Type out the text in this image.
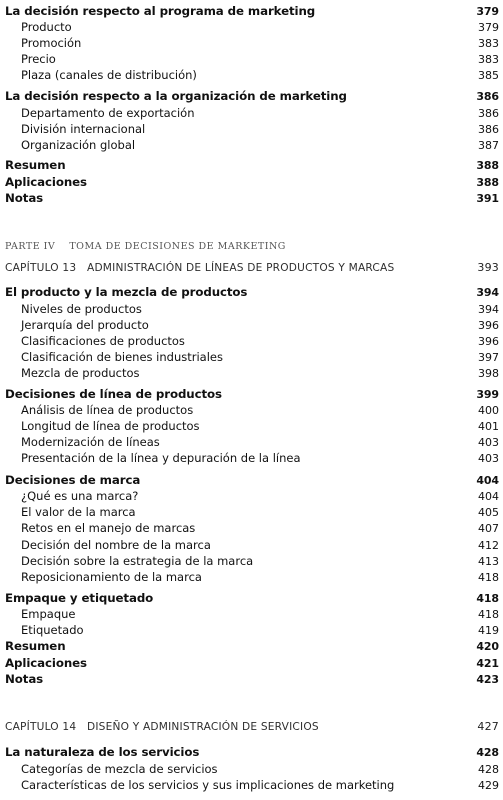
La decisión respecto al programa de marketing	379
Producto	379
Promoción	383
Precio	383
Plaza (canales de distribución)	385
La decisión respecto a la organización de marketing	386
Departamento de exportación	386
División internacional	386
Organización global	387
Resumen	388
Aplicaciones	388
Notas	391
PARTE IV    TOMA DE DECISIONES DE MARKETING
CAPÍTULO 13   ADMINISTRACIÓN DE LÍNEAS DE PRODUCTOS Y MARCAS	393
El producto y la mezcla de productos	394
Niveles de productos	394
Jerarquía del producto	396
Clasificaciones de productos	396
Clasificación de bienes industriales	397
Mezcla de productos	398
Decisiones de línea de productos	399
Análisis de línea de productos	400
Longitud de línea de productos	401
Modernización de líneas	403
Presentación de la línea y depuración de la línea	403
Decisiones de marca	404
¿Qué es una marca?	404
El valor de la marca	405
Retos en el manejo de marcas	407
Decisión del nombre de la marca	412
Decisión sobre la estrategia de la marca	413
Reposicionamiento de la marca	418
Empaque y etiquetado	418
Empaque	418
Etiquetado	419
Resumen	420
Aplicaciones	421
Notas	423
CAPÍTULO 14   DISEÑO Y ADMINISTRACIÓN DE SERVICIOS	427
La naturaleza de los servicios	428
Categorías de mezcla de servicios	428
Características de los servicios y sus implicaciones de marketing	429
